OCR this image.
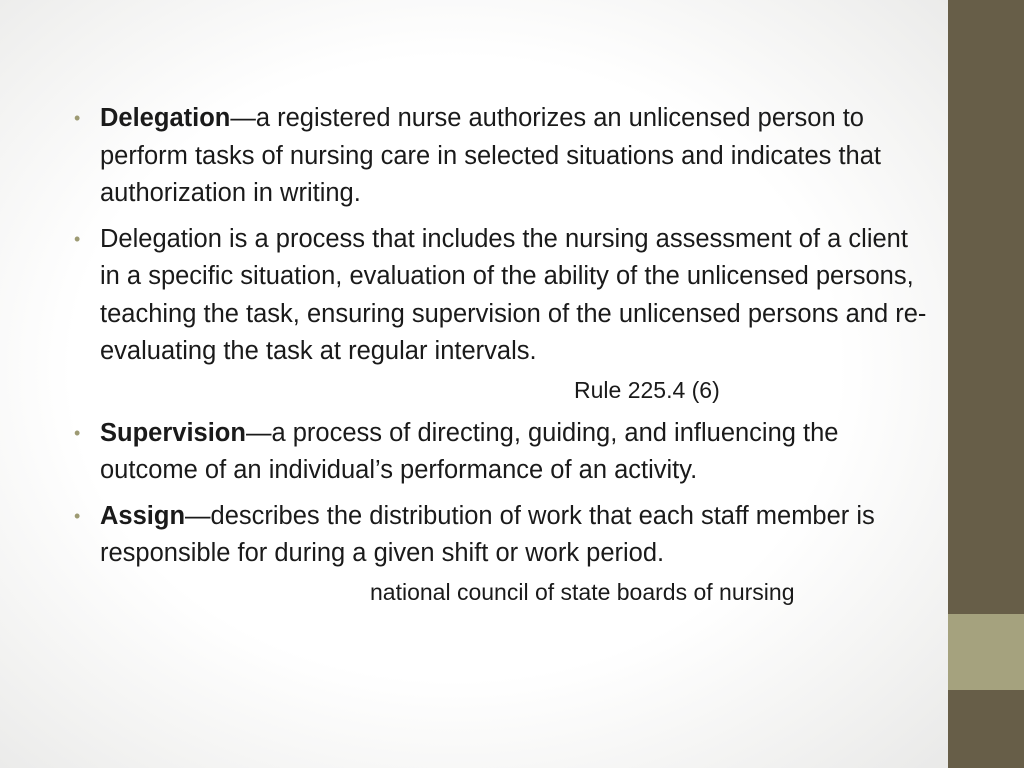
• Delegation—a registered nurse authorizes an unlicensed person to perform tasks of nursing care in selected situations and indicates that authorization in writing.
• Delegation is a process that includes the nursing assessment of a client in a specific situation, evaluation of the ability of the unlicensed persons, teaching the task, ensuring supervision of the unlicensed persons and re-evaluating the task at regular intervals.
Rule 225.4 (6)
• Supervision—a process of directing, guiding, and influencing the outcome of an individual’s performance of an activity.
• Assign—describes the distribution of work that each staff member is responsible for during a given shift or work period.
national council of state boards of nursing
